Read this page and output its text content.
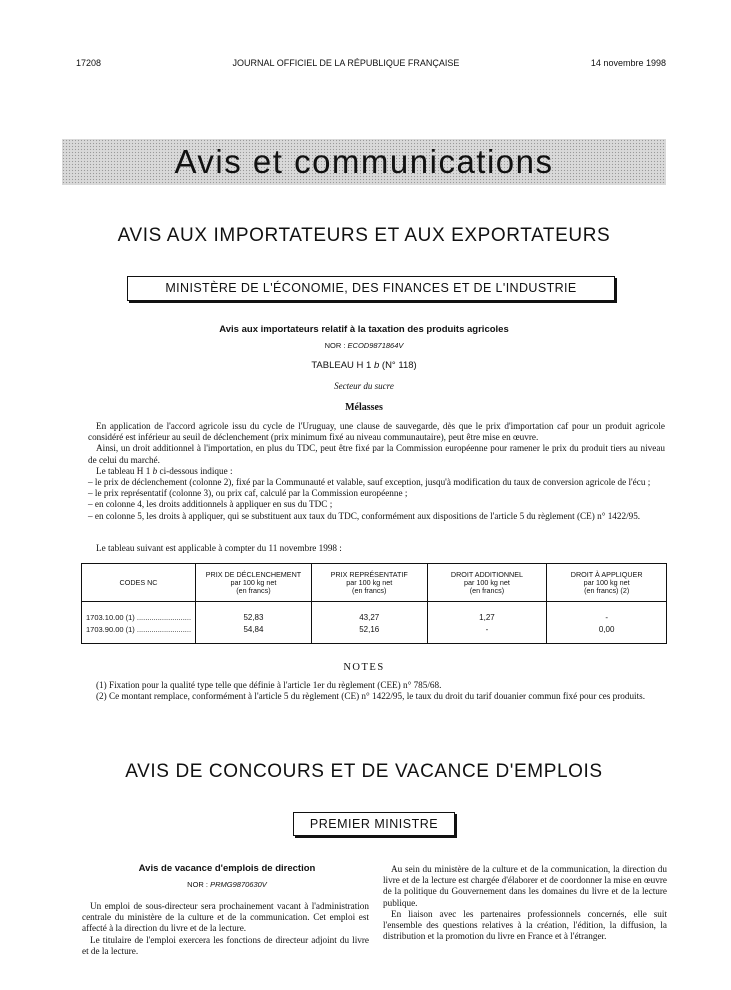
17208	JOURNAL OFFICIEL DE LA RÉPUBLIQUE FRANÇAISE	14 novembre 1998
Avis et communications
AVIS AUX IMPORTATEURS ET AUX EXPORTATEURS
MINISTÈRE DE L'ÉCONOMIE, DES FINANCES ET DE L'INDUSTRIE
Avis aux importateurs relatif à la taxation des produits agricoles
NOR : ECOD9871864V
TABLEAU H 1 b (N° 118)
Secteur du sucre
Mélasses

En application de l'accord agricole issu du cycle de l'Uruguay, une clause de sauvegarde, dès que le prix d'importation caf pour un produit agricole considéré est inférieur au seuil de déclenchement (prix minimum fixé au niveau communautaire), peut être mise en œuvre.

Ainsi, un droit additionnel à l'importation, en plus du TDC, peut être fixé par la Commission européenne pour ramener le prix du produit tiers au niveau de celui du marché.

Le tableau H 1 b ci-dessous indique :

– le prix de déclenchement (colonne 2), fixé par la Communauté et valable, sauf exception, jusqu'à modification du taux de conversion agricole de l'écu ;
– le prix représentatif (colonne 3), ou prix caf, calculé par la Commission européenne ;
– en colonne 4, les droits additionnels à appliquer en sus du TDC ;
– en colonne 5, les droits à appliquer, qui se substituent aux taux du TDC, conformément aux dispositions de l'article 5 du règlement (CE) n° 1422/95.

Le tableau suivant est applicable à compter du 11 novembre 1998 :

CODES NC	PRIX DE DÉCLENCHEMENT
par 100 kg net
(en francs)	PRIX REPRÉSENTATIF
par 100 kg net
(en francs)	DROIT ADDITIONNEL
par 100 kg net
(en francs)	DROIT À APPLIQUER
par 100 kg net
(en francs) (2)

1703.10.00 (1) ..........................	52,83	43,27	1,27	-
1703.90.00 (1) ..........................	54,84	52,16	-	0,00

NOTES

(1) Fixation pour la qualité type telle que définie à l'article 1er du règlement (CEE) n° 785/68.

(2) Ce montant remplace, conformément à l'article 5 du règlement (CE) n° 1422/95, le taux du droit du tarif douanier commun fixé pour ces produits.

AVIS DE CONCOURS ET DE VACANCE D'EMPLOIS
PREMIER MINISTRE
Avis de vacance d'emplois de direction
NOR : PRMG9870630V

Un emploi de sous-directeur sera prochainement vacant à l'administration centrale du ministère de la culture et de la communication. Cet emploi est affecté à la direction du livre et de la lecture.

Le titulaire de l'emploi exercera les fonctions de directeur adjoint du livre et de la lecture.

Au sein du ministère de la culture et de la communication, la direction du livre et de la lecture est chargée d'élaborer et de coordonner la mise en œuvre de la politique du Gouvernement dans les domaines du livre et de la lecture publique.

En liaison avec les partenaires professionnels concernés, elle suit l'ensemble des questions relatives à la création, l'édition, la diffusion, la distribution et la promotion du livre en France et à l'étranger.
